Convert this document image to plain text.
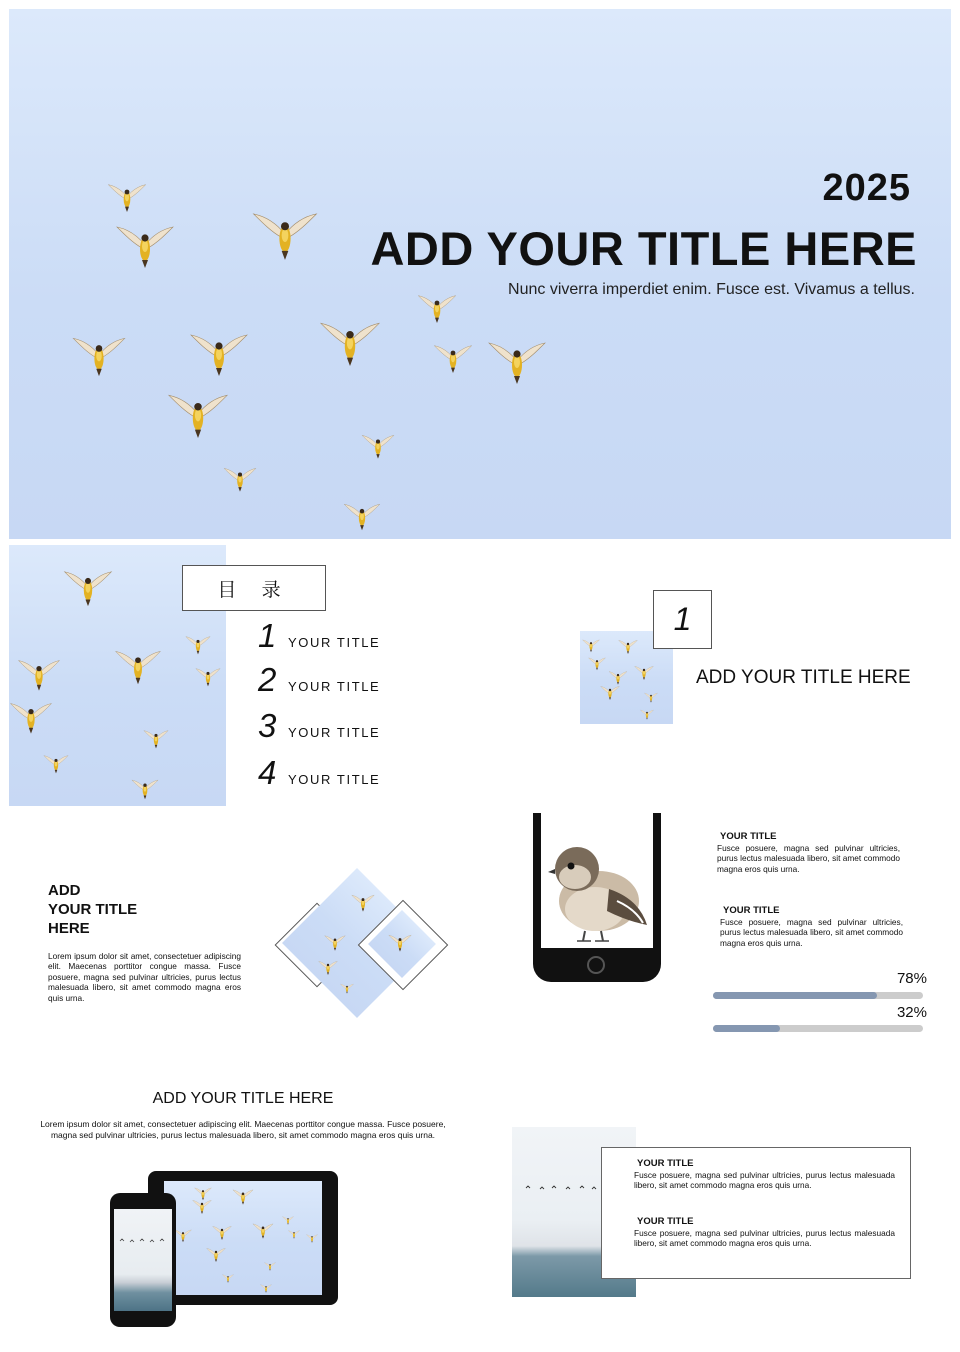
2025
ADD YOUR TITLE HERE
Nunc viverra imperdiet enim. Fusce est. Vivamus a tellus.
目 录
1 YOUR TITLE
2 YOUR TITLE
3 YOUR TITLE
4 YOUR TITLE
1
ADD YOUR TITLE HERE
ADD
YOUR TITLE
HERE
Lorem ipsum dolor sit amet, consectetuer adipiscing elit. Maecenas porttitor congue massa. Fusce posuere, magna sed pulvinar ultricies, purus lectus malesuada libero, sit amet commodo magna eros quis urna.
YOUR TITLE
Fusce posuere, magna sed pulvinar ultricies, purus lectus malesuada libero, sit amet commodo magna eros quis urna.
YOUR TITLE
Fusce posuere, magna sed pulvinar ultricies, purus lectus malesuada libero, sit amet commodo magna eros quis urna.
78%
32%
ADD YOUR TITLE HERE
Lorem ipsum dolor sit amet, consectetuer adipiscing elit. Maecenas porttitor congue massa. Fusce posuere, magna sed pulvinar ultricies, purus lectus malesuada libero, sit amet commodo magna eros quis urna.
YOUR TITLE
Fusce posuere, magna sed pulvinar ultricies, purus lectus malesuada libero, sit amet commodo magna eros quis urna.
YOUR TITLE
Fusce posuere, magna sed pulvinar ultricies, purus lectus malesuada libero, sit amet commodo magna eros quis urna.
